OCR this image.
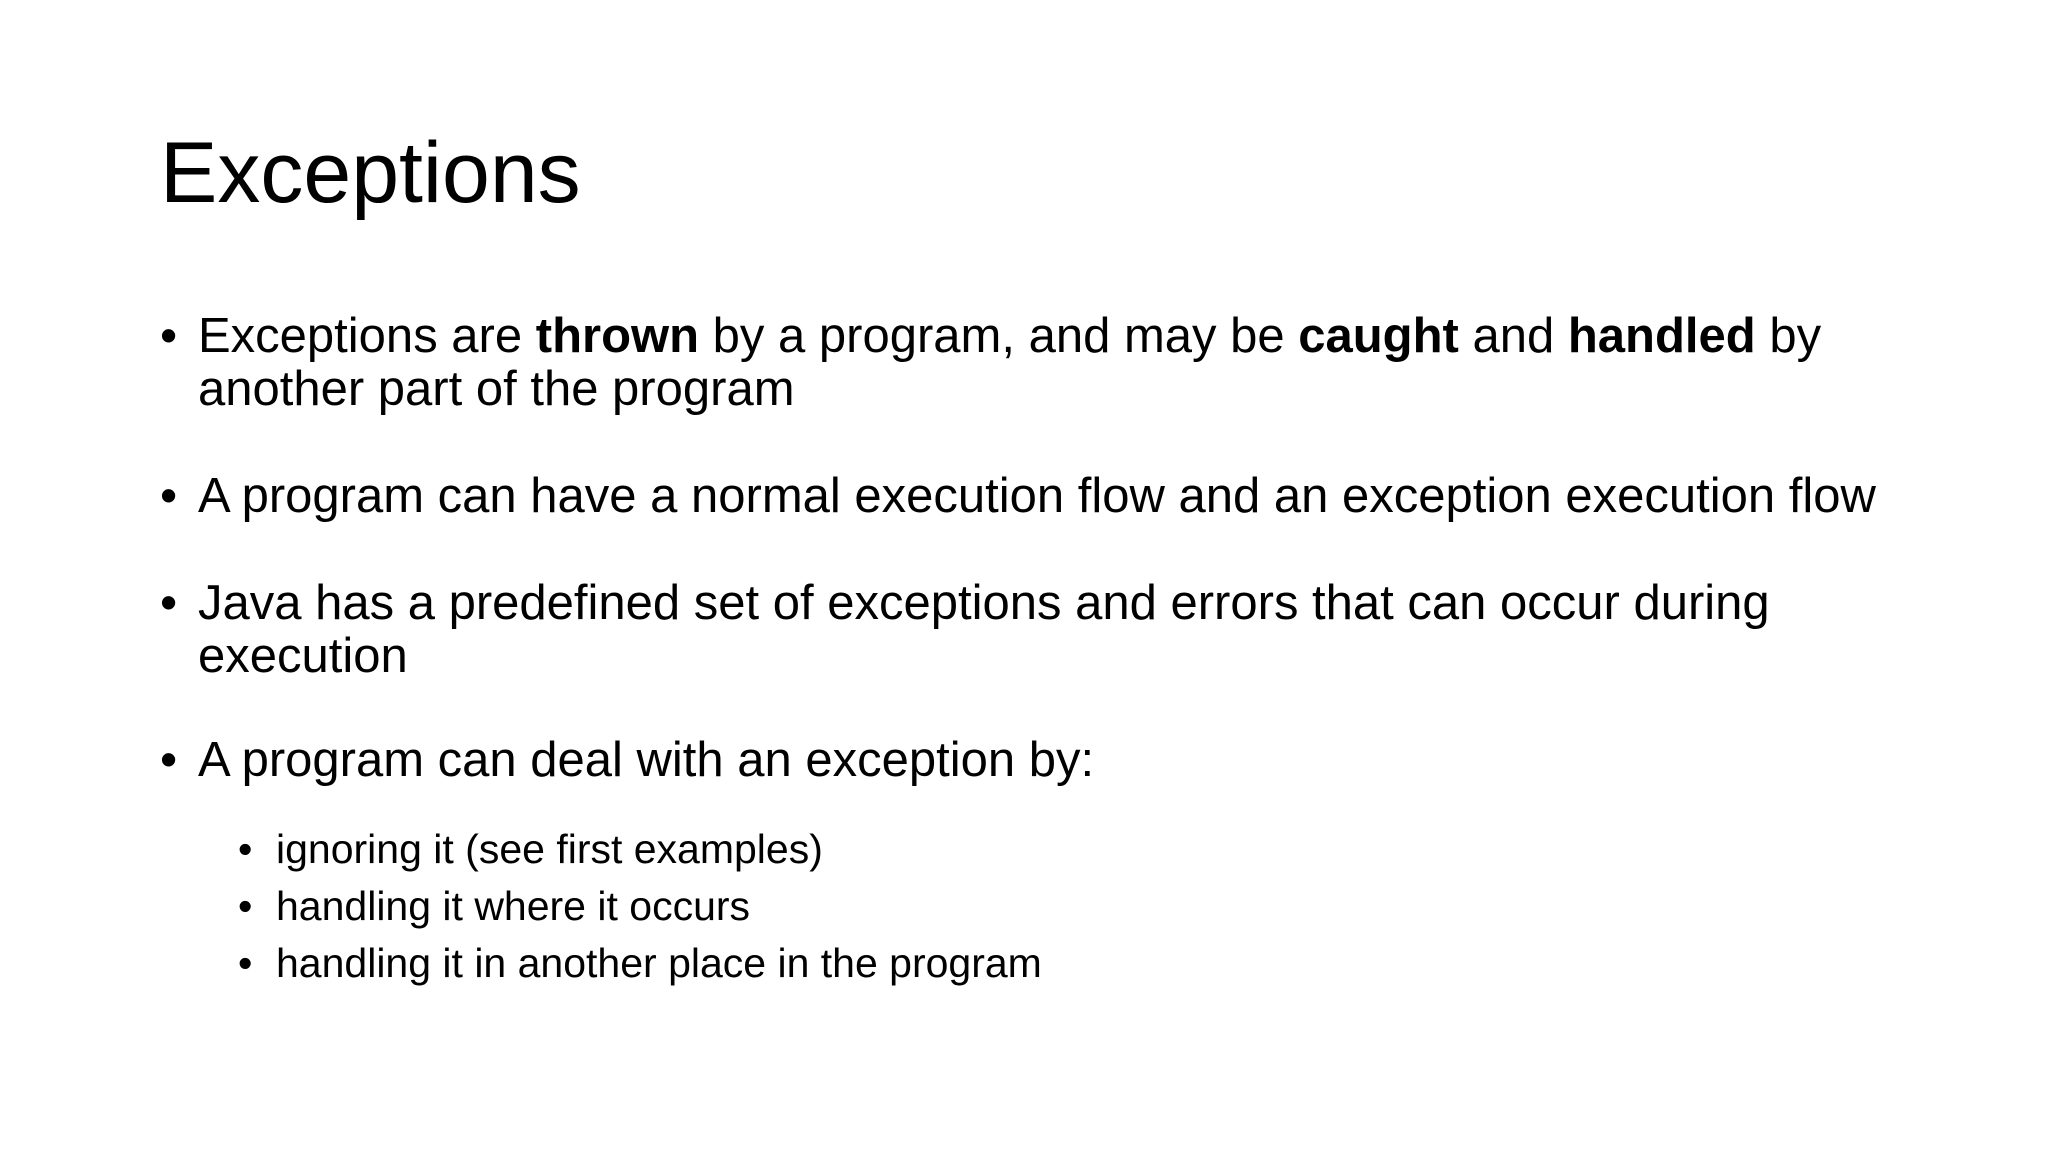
Exceptions
• Exceptions are thrown by a program, and may be caught and handled by another part of the program
• A program can have a normal execution flow and an exception execution flow
• Java has a predefined set of exceptions and errors that can occur during execution
• A program can deal with an exception by:
• ignoring it (see first examples)
• handling it where it occurs
• handling it in another place in the program
